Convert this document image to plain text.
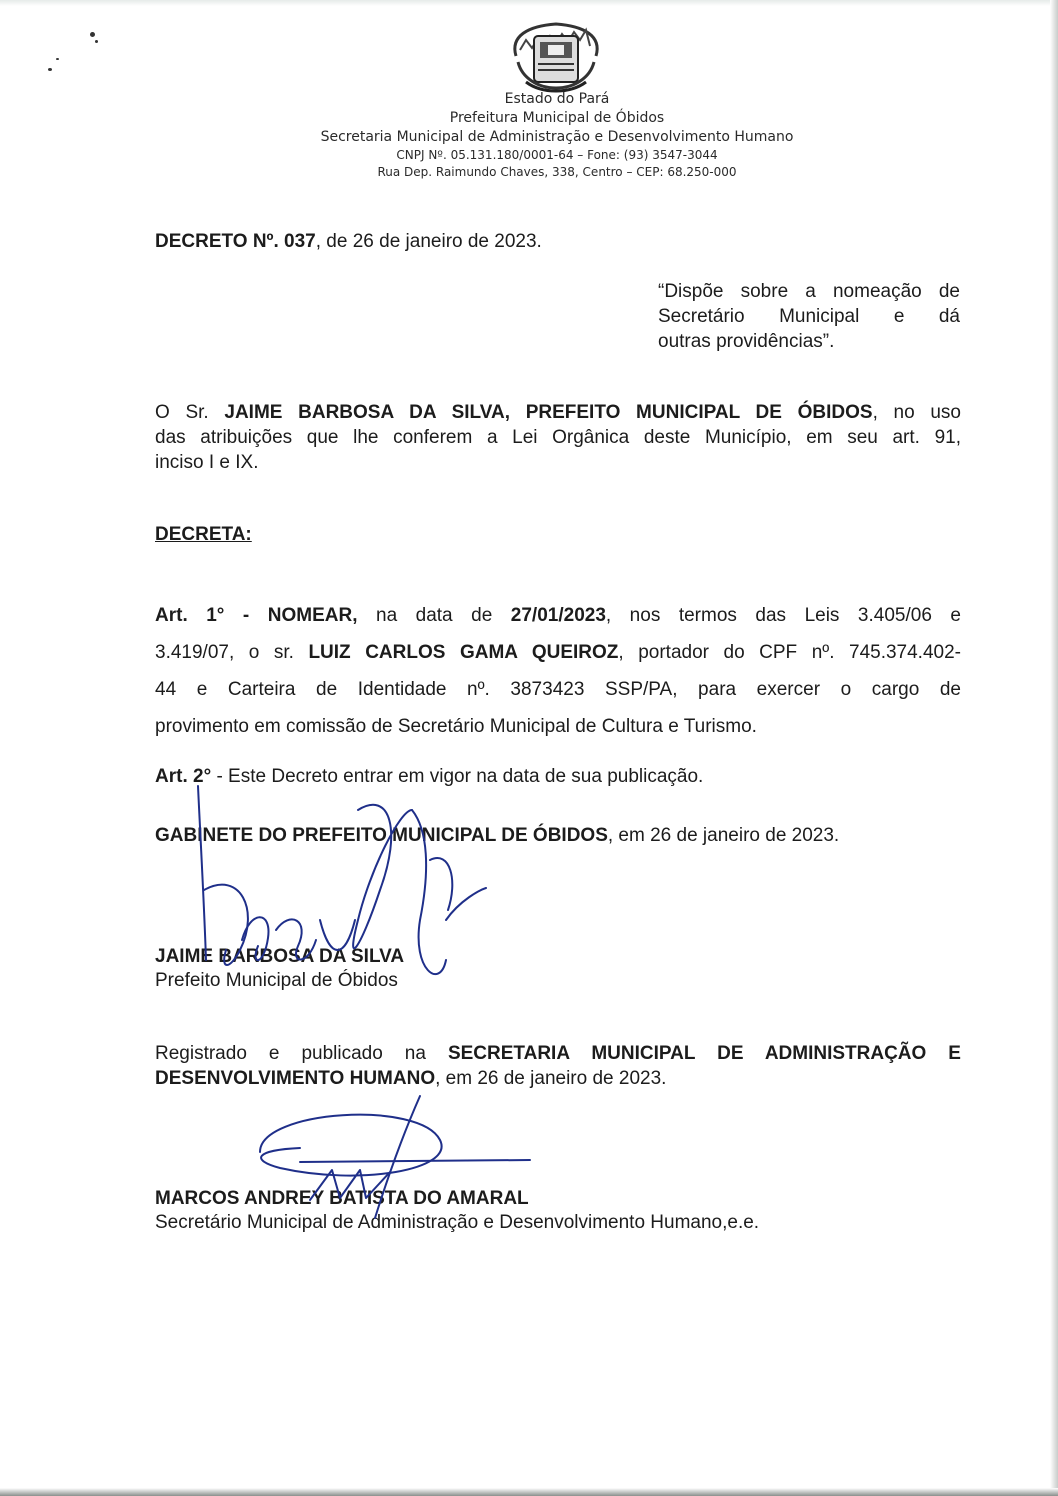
Estado do Pará
Prefeitura Municipal de Óbidos
Secretaria Municipal de Administração e Desenvolvimento Humano
CNPJ Nº. 05.131.180/0001-64 – Fone: (93) 3547-3044
Rua Dep. Raimundo Chaves, 338, Centro – CEP: 68.250-000
DECRETO Nº. 037, de 26 de janeiro de 2023.
“Dispõe sobre a nomeação de
Secretário Municipal e dá
outras providências”.
O Sr. JAIME BARBOSA DA SILVA, PREFEITO MUNICIPAL DE ÓBIDOS, no uso
das atribuições que lhe conferem a Lei Orgânica deste Município, em seu art. 91,
inciso I e IX.
DECRETA:
Art. 1° - NOMEAR, na data de 27/01/2023, nos termos das Leis 3.405/06 e
3.419/07, o sr. LUIZ CARLOS GAMA QUEIROZ, portador do CPF nº. 745.374.402-
44 e Carteira de Identidade nº. 3873423 SSP/PA, para exercer o cargo de
provimento em comissão de Secretário Municipal de Cultura e Turismo.
Art. 2° - Este Decreto entrar em vigor na data de sua publicação.
GABINETE DO PREFEITO MUNICIPAL DE ÓBIDOS, em 26 de janeiro de 2023.
JAIME BARBOSA DA SILVA
Prefeito Municipal de Óbidos
Registrado e publicado na SECRETARIA MUNICIPAL DE ADMINISTRAÇÃO E
DESENVOLVIMENTO HUMANO, em 26 de janeiro de 2023.
MARCOS ANDREY BATISTA DO AMARAL
Secretário Municipal de Administração e Desenvolvimento Humano,e.e.
